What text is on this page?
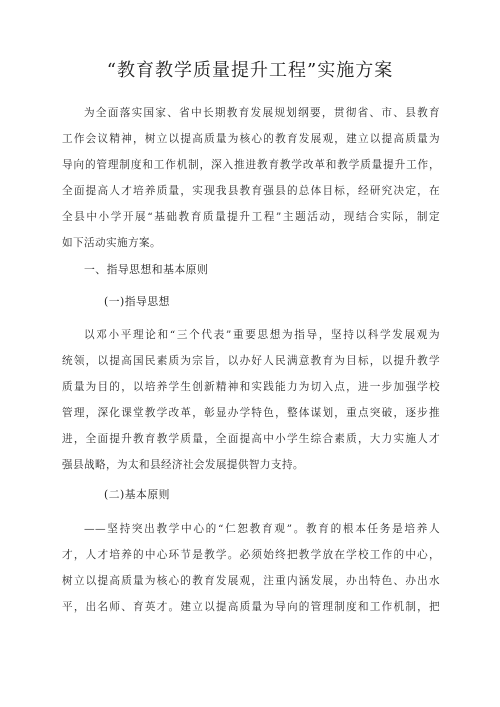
“教育教学质量提升工程”实施方案
为全面落实国家、省中长期教育发展规划纲要，贯彻省、市、县教育
工作会议精神，树立以提高质量为核心的教育发展观，建立以提高质量为
导向的管理制度和工作机制，深入推进教育教学改革和教学质量提升工作，
全面提高人才培养质量，实现我县教育强县的总体目标，经研究决定，在
全县中小学开展“基础教育质量提升工程”主题活动，现结合实际，制定
如下活动实施方案。
一、指导思想和基本原则
(一)指导思想
以邓小平理论和“三个代表”重要思想为指导，坚持以科学发展观为
统领，以提高国民素质为宗旨，以办好人民满意教育为目标，以提升教学
质量为目的，以培养学生创新精神和实践能力为切入点，进一步加强学校
管理，深化课堂教学改革，彰显办学特色，整体谋划，重点突破，逐步推
进，全面提升教育教学质量，全面提高中小学生综合素质，大力实施人才
强县战略，为太和县经济社会发展提供智力支持。
(二)基本原则
——坚持突出教学中心的“仁恕教育观”。教育的根本任务是培养人
才，人才培养的中心环节是教学。必须始终把教学放在学校工作的中心，
树立以提高质量为核心的教育发展观，注重内涵发展，办出特色、办出水
平，出名师、育英才。建立以提高质量为导向的管理制度和工作机制，把
